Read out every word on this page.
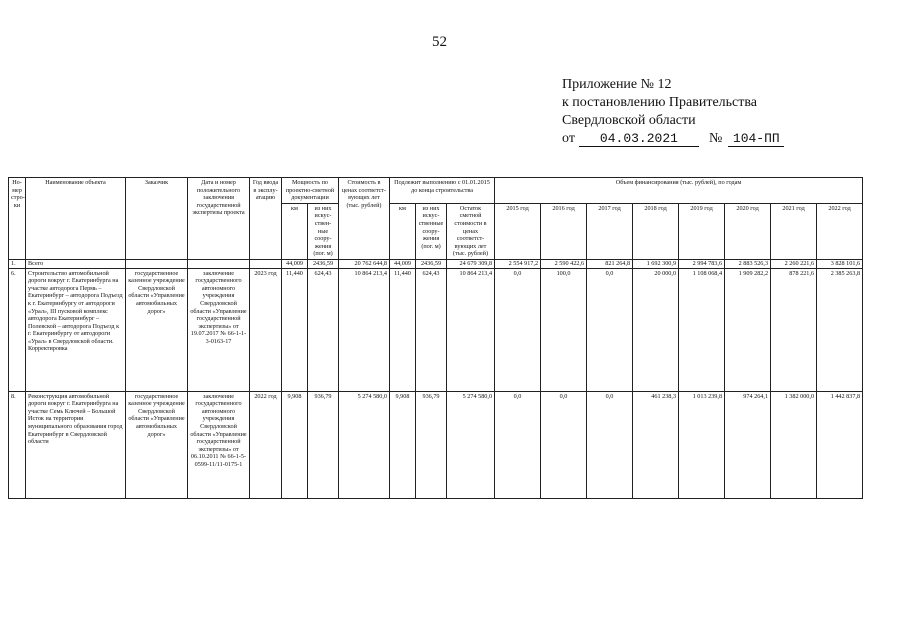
52
Приложение № 12
к постановлению Правительства
Свердловской области
от	04.03.2021	№ 104-ПП
Но-мер стро-ки	Наименование объекта	Заказчик	Дата и номер положительного заключения государственной экспертизы проекта	Год ввода в эксплу-атацию	Мощность по проектно-сметной документации		Стоимость в ценах соответст-вующих лет (тыс. рублей)	Подлежит выполнению с 01.01.2015 до конца строительства			Объем финансирования (тыс. рублей), по годам							
					км	из них искус-ствен-ные соору-жения (пог. м)		км	из них искус-ственные соору-жения (пог. м)	Остаток сметной стоимости в ценах соответст-вующих лет (тыс. рублей)	2015 год	2016 год	2017 год	2018 год	2019 год	2020 год	2021 год	2022 год
1.	Всего				44,009	2436,59	20 762 644,8	44,009	2436,59	24 679 309,8	2 554 917,2	2 590 422,6	821 264,8	1 692 300,9	2 994 783,6	2 883 526,3	2 260 221,6	3 828 101,6
6.	Строительство автомобильной дороги вокруг г. Екатеринбурга на участке автодорога Пермь – Екатеринбург – автодорога Подъезд к г. Екатеринбургу от автодороги «Урал», III пусковой комплекс автодорога Екатеринбург – Полевской – автодорога Подъезд к г. Екатеринбургу от автодороги «Урал» в Свердловской области. Корректировка	государственное казенное учреждение Свердловской области «Управление автомобильных дорог»	заключение государственного автономного учреждения Свердловской области «Управление государственной экспертизы» от 19.07.2017 № 66-1-1-3-0163-17	2023 год	11,440	624,43	10 864 213,4	11,440	624,43	10 864 213,4	0,0	100,0	0,0	20 000,0	1 108 068,4	1 909 282,2	878 221,6	2 385 263,8
8.	Реконструкция автомобильной дороги вокруг г. Екатеринбурга на участке Семь Ключей – Большой Исток на территории муниципального образования город Екатеринбург в Свердловской области	государственное казенное учреждение Свердловской области «Управление автомобильных дорог»	заключение государственного автономного учреждения Свердловской области «Управление государственной экспертизы» от 06.10.2011 № 66-1-5-0599-11/11-0175-1	2022 год	9,908	936,79	5 274 580,0	9,908	936,79	5 274 580,0	0,0	0,0	0,0	461 238,3	1 013 239,8	974 264,1	1 382 000,0	1 442 837,8
